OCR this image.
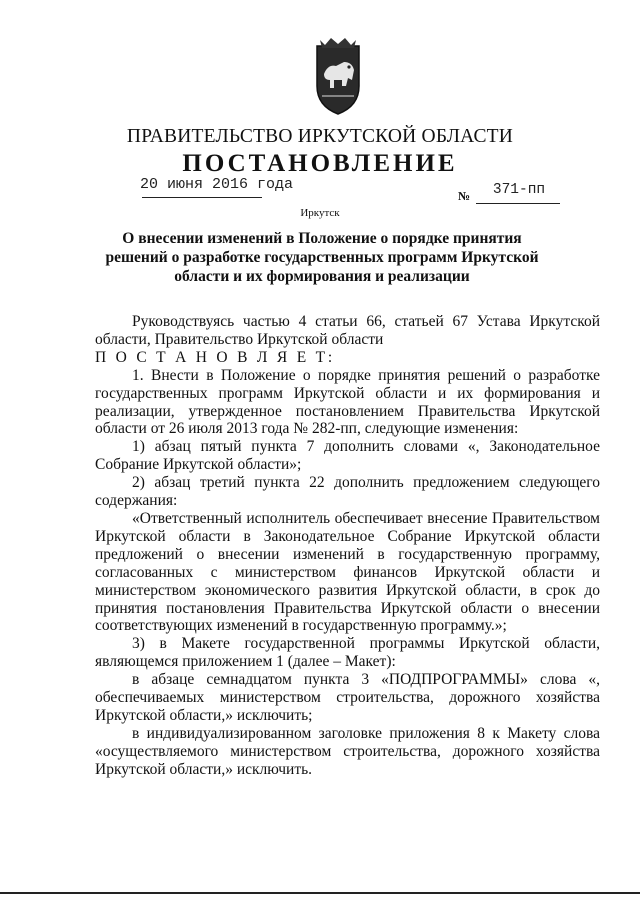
ПРАВИТЕЛЬСТВО ИРКУТСКОЙ ОБЛАСТИ
ПОСТАНОВЛЕНИЕ
20 июня 2016 года
№	371-пп
Иркутск
О внесении изменений в Положение о порядке принятия решений о разработке государственных программ Иркутской области и их формирования и реализации

Руководствуясь частью 4 статьи 66, статьей 67 Устава Иркутской области, Правительство Иркутской области

П О С Т А Н О В Л Я Е Т:

1. Внести в Положение о порядке принятия решений о разработке государственных программ Иркутской области и их формирования и реализации, утвержденное постановлением Правительства Иркутской области от 26 июля 2013 года № 282-пп, следующие изменения:

1) абзац пятый пункта 7 дополнить словами «, Законодательное Собрание Иркутской области»;

2) абзац третий пункта 22 дополнить предложением следующего содержания:

«Ответственный исполнитель обеспечивает внесение Правительством Иркутской области в Законодательное Собрание Иркутской области предложений о внесении изменений в государственную программу, согласованных с министерством финансов Иркутской области и министерством экономического развития Иркутской области, в срок до принятия постановления Правительства Иркутской области о внесении соответствующих изменений в государственную программу.»;

3) в Макете государственной программы Иркутской области, являющемся приложением 1 (далее – Макет):

в абзаце семнадцатом пункта 3 «ПОДПРОГРАММЫ» слова «, обеспечиваемых министерством строительства, дорожного хозяйства Иркутской области,» исключить;

в индивидуализированном заголовке приложения 8 к Макету слова «осуществляемого министерством строительства, дорожного хозяйства Иркутской области,» исключить.
